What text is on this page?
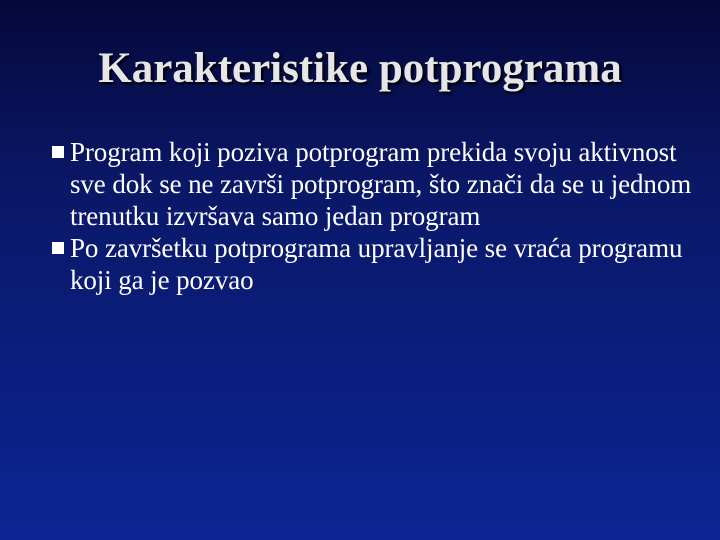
Karakteristike potprograma
Program koji poziva potprogram prekida svoju aktivnost sve dok se ne završi potprogram, što znači da se u jednom trenutku izvršava samo jedan program
Po završetku potprograma upravljanje se vraća programu koji ga je pozvao
